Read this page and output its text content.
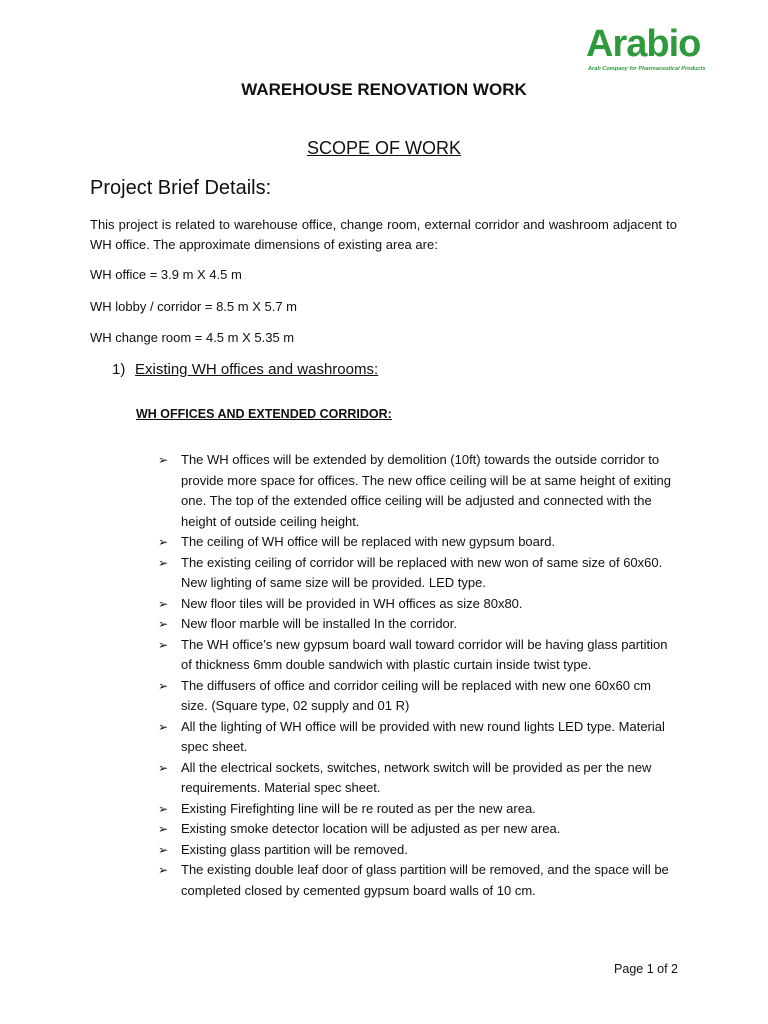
Arabio
Arab Company for Pharmaceutical Products
WAREHOUSE RENOVATION WORK
SCOPE OF WORK
Project Brief Details:
This project is related to warehouse office, change room, external corridor and washroom adjacent to WH office. The approximate dimensions of existing area are:
WH office = 3.9 m X 4.5 m
WH lobby / corridor = 8.5 m X 5.7 m
WH change room = 4.5 m X 5.35 m
1) Existing WH offices and washrooms:
WH OFFICES AND EXTENDED CORRIDOR:
➢ The WH offices will be extended by demolition (10ft) towards the outside corridor to provide more space for offices. The new office ceiling will be at same height of exiting one. The top of the extended office ceiling will be adjusted and connected with the height of outside ceiling height.
➢ The ceiling of WH office will be replaced with new gypsum board.
➢ The existing ceiling of corridor will be replaced with new won of same size of 60x60. New lighting of same size will be provided. LED type.
➢ New floor tiles will be provided in WH offices as size 80x80.
➢ New floor marble will be installed In the corridor.
➢ The WH office’s new gypsum board wall toward corridor will be having glass partition of thickness 6mm double sandwich with plastic curtain inside twist type.
➢ The diffusers of office and corridor ceiling will be replaced with new one 60x60 cm size. (Square type, 02 supply and 01 R)
➢ All the lighting of WH office will be provided with new round lights LED type. Material spec sheet.
➢ All the electrical sockets, switches, network switch will be provided as per the new requirements. Material spec sheet.
➢ Existing Firefighting line will be re routed as per the new area.
➢ Existing smoke detector location will be adjusted as per new area.
➢ Existing glass partition will be removed.
➢ The existing double leaf door of glass partition will be removed, and the space will be completed closed by cemented gypsum board walls of 10 cm.
Page 1 of 2
